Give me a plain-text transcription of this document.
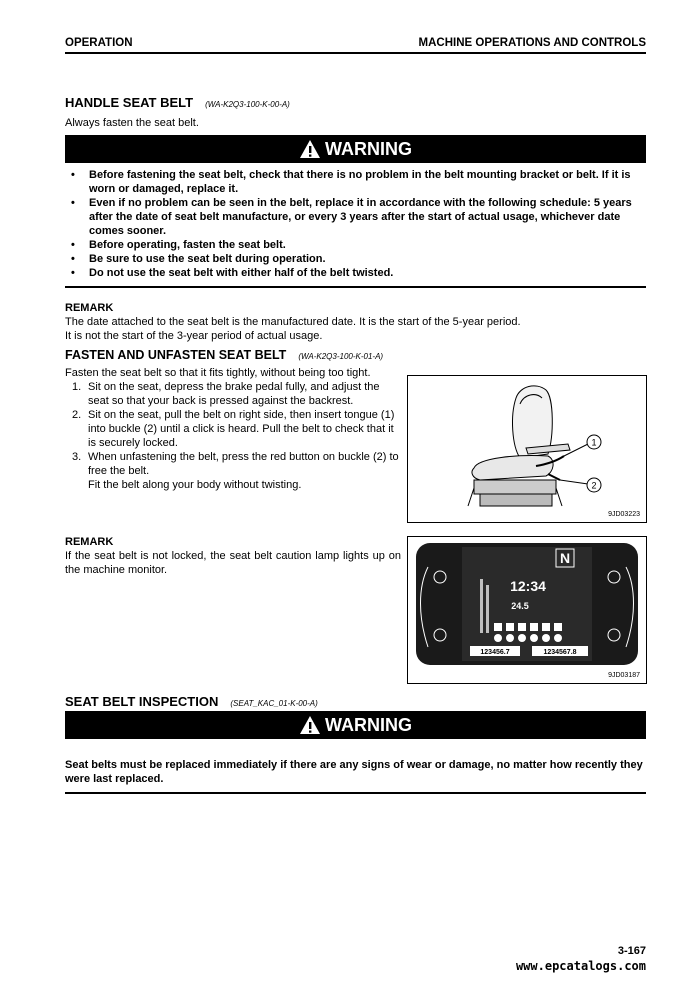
OPERATION	MACHINE OPERATIONS AND CONTROLS
HANDLE SEAT BELT (WA-K2Q3-100-K-00-A)
Always fasten the seat belt.
WARNING
• Before fastening the seat belt, check that there is no problem in the belt mounting bracket or belt. If it is worn or damaged, replace it.
• Even if no problem can be seen in the belt, replace it in accordance with the following schedule: 5 years after the date of seat belt manufacture, or every 3 years after the start of actual usage, whichever date comes sooner.
• Before operating, fasten the seat belt.
• Be sure to use the seat belt during operation.
• Do not use the seat belt with either half of the belt twisted.
REMARK
The date attached to the seat belt is the manufactured date. It is the start of the 5-year period.
It is not the start of the 3-year period of actual usage.
FASTEN AND UNFASTEN SEAT BELT (WA-K2Q3-100-K-01-A)
Fasten the seat belt so that it fits tightly, without being too tight.
1. Sit on the seat, depress the brake pedal fully, and adjust the seat so that your back is pressed against the backrest.
2. Sit on the seat, pull the belt on right side, then insert tongue (1) into buckle (2) until a click is heard. Pull the belt to check that it is securely locked.
3. When unfastening the belt, press the red button on buckle (2) to free the belt.
Fit the belt along your body without twisting.
1
2
9JD03223
REMARK
If the seat belt is not locked, the seat belt caution lamp lights up on the machine monitor.
N
12:34
24.5
123456.7	1234567.8
9JD03187
SEAT BELT INSPECTION (SEAT_KAC_01-K-00-A)
WARNING
Seat belts must be replaced immediately if there are any signs of wear or damage, no matter how recently they were last replaced.
3-167
www.epcatalogs.com
